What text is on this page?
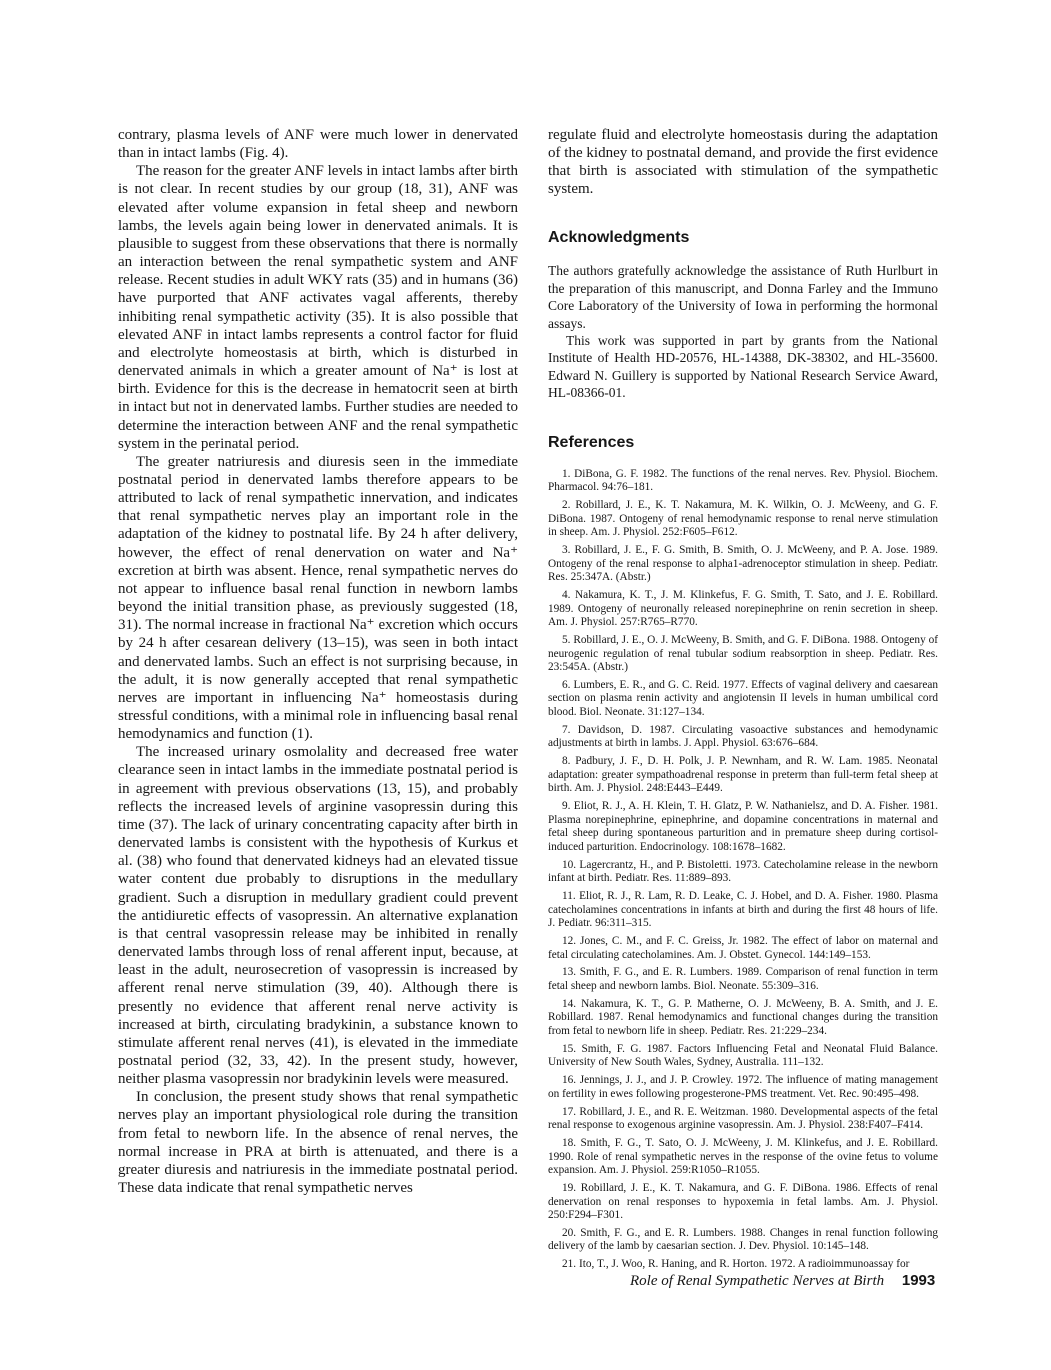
contrary, plasma levels of ANF were much lower in denervated than in intact lambs (Fig. 4).

The reason for the greater ANF levels in intact lambs after birth is not clear. In recent studies by our group (18, 31), ANF was elevated after volume expansion in fetal sheep and newborn lambs, the levels again being lower in denervated animals. It is plausible to suggest from these observations that there is normally an interaction between the renal sympathetic system and ANF release. Recent studies in adult WKY rats (35) and in humans (36) have purported that ANF activates vagal afferents, thereby inhibiting renal sympathetic activity (35). It is also possible that elevated ANF in intact lambs represents a control factor for fluid and electrolyte homeostasis at birth, which is disturbed in denervated animals in which a greater amount of Na⁺ is lost at birth. Evidence for this is the decrease in hematocrit seen at birth in intact but not in denervated lambs. Further studies are needed to determine the interaction between ANF and the renal sympathetic system in the perinatal period.

The greater natriuresis and diuresis seen in the immediate postnatal period in denervated lambs therefore appears to be attributed to lack of renal sympathetic innervation, and indicates that renal sympathetic nerves play an important role in the adaptation of the kidney to postnatal life. By 24 h after delivery, however, the effect of renal denervation on water and Na⁺ excretion at birth was absent. Hence, renal sympathetic nerves do not appear to influence basal renal function in newborn lambs beyond the initial transition phase, as previously suggested (18, 31). The normal increase in fractional Na⁺ excretion which occurs by 24 h after cesarean delivery (13–15), was seen in both intact and denervated lambs. Such an effect is not surprising because, in the adult, it is now generally accepted that renal sympathetic nerves are important in influencing Na⁺ homeostasis during stressful conditions, with a minimal role in influencing basal renal hemodynamics and function (1).

The increased urinary osmolality and decreased free water clearance seen in intact lambs in the immediate postnatal period is in agreement with previous observations (13, 15), and probably reflects the increased levels of arginine vasopressin during this time (37). The lack of urinary concentrating capacity after birth in denervated lambs is consistent with the hypothesis of Kurkus et al. (38) who found that denervated kidneys had an elevated tissue water content due probably to disruptions in the medullary gradient. Such a disruption in medullary gradient could prevent the antidiuretic effects of vasopressin. An alternative explanation is that central vasopressin release may be inhibited in renally denervated lambs through loss of renal afferent input, because, at least in the adult, neurosecretion of vasopressin is increased by afferent renal nerve stimulation (39, 40). Although there is presently no evidence that afferent renal nerve activity is increased at birth, circulating bradykinin, a substance known to stimulate afferent renal nerves (41), is elevated in the immediate postnatal period (32, 33, 42). In the present study, however, neither plasma vasopressin nor bradykinin levels were measured.

In conclusion, the present study shows that renal sympathetic nerves play an important physiological role during the transition from fetal to newborn life. In the absence of renal nerves, the normal increase in PRA at birth is attenuated, and there is a greater diuresis and natriuresis in the immediate postnatal period. These data indicate that renal sympathetic nerves

regulate fluid and electrolyte homeostasis during the adaptation of the kidney to postnatal demand, and provide the first evidence that birth is associated with stimulation of the sympathetic system.

Acknowledgments

The authors gratefully acknowledge the assistance of Ruth Hurlburt in the preparation of this manuscript, and Donna Farley and the Immuno Core Laboratory of the University of Iowa in performing the hormonal assays.

This work was supported in part by grants from the National Institute of Health HD-20576, HL-14388, DK-38302, and HL-35600. Edward N. Guillery is supported by National Research Service Award, HL-08366-01.

References

1. DiBona, G. F. 1982. The functions of the renal nerves. Rev. Physiol. Biochem. Pharmacol. 94:76–181.

2. Robillard, J. E., K. T. Nakamura, M. K. Wilkin, O. J. McWeeny, and G. F. DiBona. 1987. Ontogeny of renal hemodynamic response to renal nerve stimulation in sheep. Am. J. Physiol. 252:F605–F612.

3. Robillard, J. E., F. G. Smith, B. Smith, O. J. McWeeny, and P. A. Jose. 1989. Ontogeny of the renal response to alpha1-adrenoceptor stimulation in sheep. Pediatr. Res. 25:347A. (Abstr.)

4. Nakamura, K. T., J. M. Klinkefus, F. G. Smith, T. Sato, and J. E. Robillard. 1989. Ontogeny of neuronally released norepinephrine on renin secretion in sheep. Am. J. Physiol. 257:R765–R770.

5. Robillard, J. E., O. J. McWeeny, B. Smith, and G. F. DiBona. 1988. Ontogeny of neurogenic regulation of renal tubular sodium reabsorption in sheep. Pediatr. Res. 23:545A. (Abstr.)

6. Lumbers, E. R., and G. C. Reid. 1977. Effects of vaginal delivery and caesarean section on plasma renin activity and angiotensin II levels in human umbilical cord blood. Biol. Neonate. 31:127–134.

7. Davidson, D. 1987. Circulating vasoactive substances and hemodynamic adjustments at birth in lambs. J. Appl. Physiol. 63:676–684.

8. Padbury, J. F., D. H. Polk, J. P. Newnham, and R. W. Lam. 1985. Neonatal adaptation: greater sympathoadrenal response in preterm than full-term fetal sheep at birth. Am. J. Physiol. 248:E443–E449.

9. Eliot, R. J., A. H. Klein, T. H. Glatz, P. W. Nathanielsz, and D. A. Fisher. 1981. Plasma norepinephrine, epinephrine, and dopamine concentrations in maternal and fetal sheep during spontaneous parturition and in premature sheep during cortisol-induced parturition. Endocrinology. 108:1678–1682.

10. Lagercrantz, H., and P. Bistoletti. 1973. Catecholamine release in the newborn infant at birth. Pediatr. Res. 11:889–893.

11. Eliot, R. J., R. Lam, R. D. Leake, C. J. Hobel, and D. A. Fisher. 1980. Plasma catecholamines concentrations in infants at birth and during the first 48 hours of life. J. Pediatr. 96:311–315.

12. Jones, C. M., and F. C. Greiss, Jr. 1982. The effect of labor on maternal and fetal circulating catecholamines. Am. J. Obstet. Gynecol. 144:149–153.

13. Smith, F. G., and E. R. Lumbers. 1989. Comparison of renal function in term fetal sheep and newborn lambs. Biol. Neonate. 55:309–316.

14. Nakamura, K. T., G. P. Matherne, O. J. McWeeny, B. A. Smith, and J. E. Robillard. 1987. Renal hemodynamics and functional changes during the transition from fetal to newborn life in sheep. Pediatr. Res. 21:229–234.

15. Smith, F. G. 1987. Factors Influencing Fetal and Neonatal Fluid Balance. University of New South Wales, Sydney, Australia. 111–132.

16. Jennings, J. J., and J. P. Crowley. 1972. The influence of mating management on fertility in ewes following progesterone-PMS treatment. Vet. Rec. 90:495–498.

17. Robillard, J. E., and R. E. Weitzman. 1980. Developmental aspects of the fetal renal response to exogenous arginine vasopressin. Am. J. Physiol. 238:F407–F414.

18. Smith, F. G., T. Sato, O. J. McWeeny, J. M. Klinkefus, and J. E. Robillard. 1990. Role of renal sympathetic nerves in the response of the ovine fetus to volume expansion. Am. J. Physiol. 259:R1050–R1055.

19. Robillard, J. E., K. T. Nakamura, and G. F. DiBona. 1986. Effects of renal denervation on renal responses to hypoxemia in fetal lambs. Am. J. Physiol. 250:F294–F301.

20. Smith, F. G., and E. R. Lumbers. 1988. Changes in renal function following delivery of the lamb by caesarian section. J. Dev. Physiol. 10:145–148.

21. Ito, T., J. Woo, R. Haning, and R. Horton. 1972. A radioimmunoassay for

Role of Renal Sympathetic Nerves at Birth 1993
